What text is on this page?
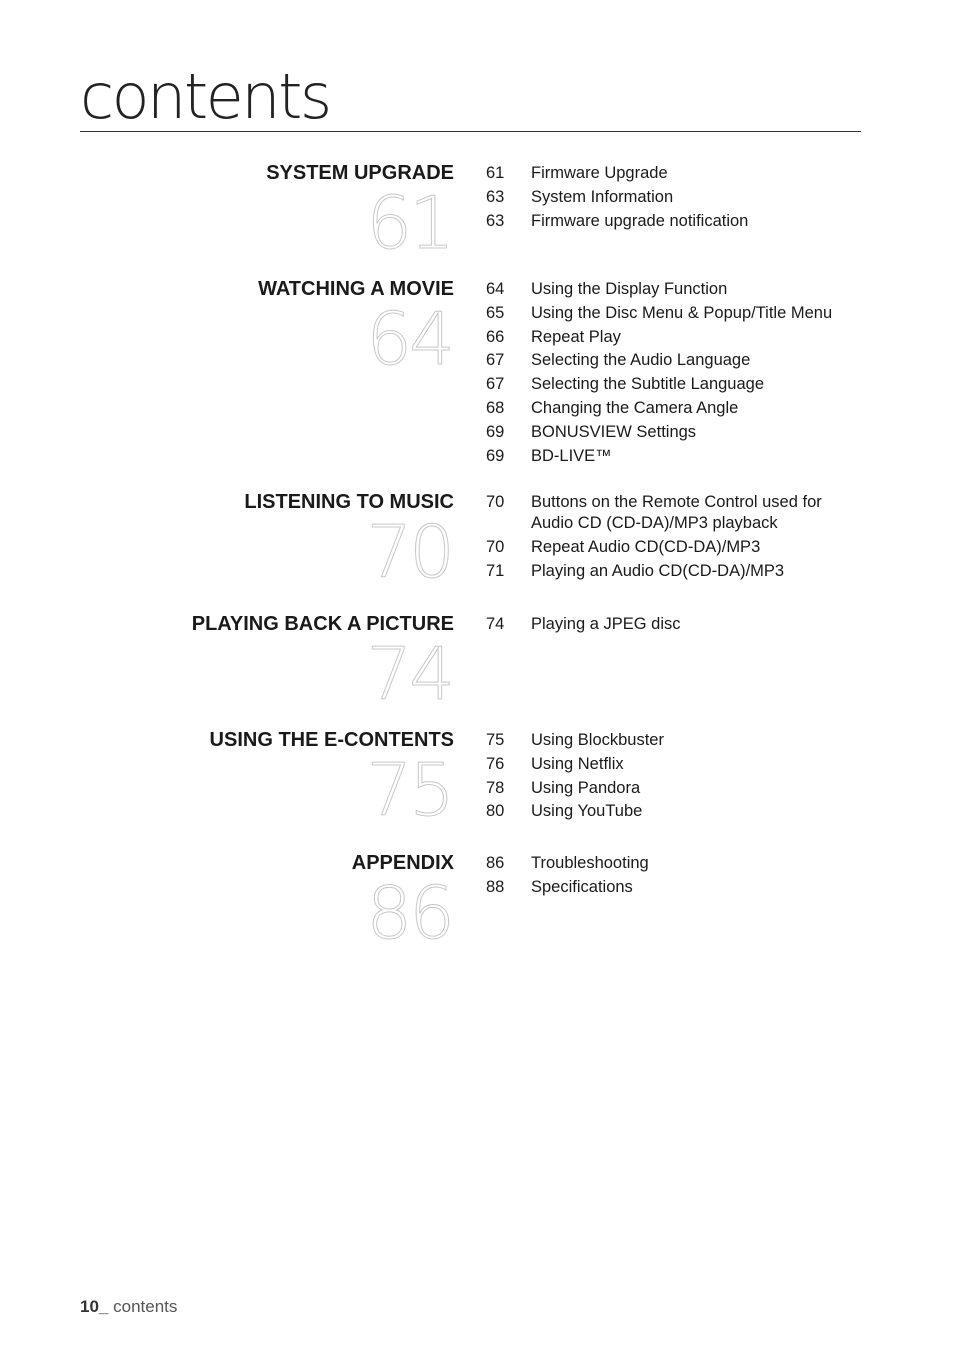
contents
SYSTEM UPGRADE
61
61	Firmware Upgrade
63	System Information
63	Firmware upgrade notification
WATCHING A MOVIE
64
64	Using the Display Function
65	Using the Disc Menu & Popup/Title Menu
66	Repeat Play
67	Selecting the Audio Language
67	Selecting the Subtitle Language
68	Changing the Camera Angle
69	BONUSVIEW Settings
69	BD-LIVE™
LISTENING TO MUSIC
70
70	Buttons on the Remote Control used for Audio CD (CD-DA)/MP3 playback
70	Repeat Audio CD(CD-DA)/MP3
71	Playing an Audio CD(CD-DA)/MP3
PLAYING BACK A PICTURE
74
74	Playing a JPEG disc
USING THE E-CONTENTS
75
75	Using Blockbuster
76	Using Netflix
78	Using Pandora
80	Using YouTube
APPENDIX
86
86	Troubleshooting
88	Specifications
10_ contents
